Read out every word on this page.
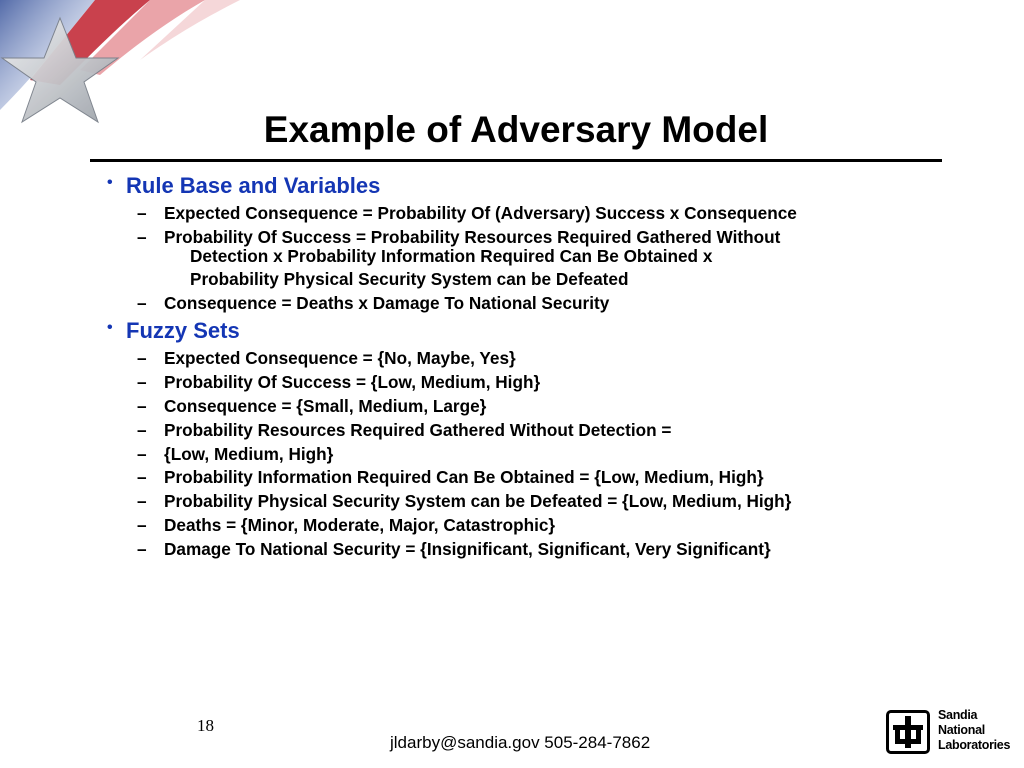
Example of Adversary Model
• Rule Base and Variables
– Expected Consequence = Probability Of (Adversary) Success x Consequence
– Probability Of Success = Probability Resources Required Gathered Without
Detection x Probability Information Required Can Be Obtained x
Probability Physical Security System can be Defeated
– Consequence = Deaths x Damage To National Security
• Fuzzy Sets
– Expected Consequence = {No, Maybe, Yes}
– Probability Of Success = {Low, Medium, High}
– Consequence = {Small, Medium, Large}
– Probability Resources Required Gathered Without Detection =
– {Low, Medium, High}
– Probability Information Required Can Be Obtained = {Low, Medium, High}
– Probability Physical Security System can be Defeated = {Low, Medium, High}
– Deaths = {Minor, Moderate, Major, Catastrophic}
– Damage To National Security = {Insignificant, Significant, Very Significant}
18
jldarby@sandia.gov 505-284-7862
Sandia
National
Laboratories
